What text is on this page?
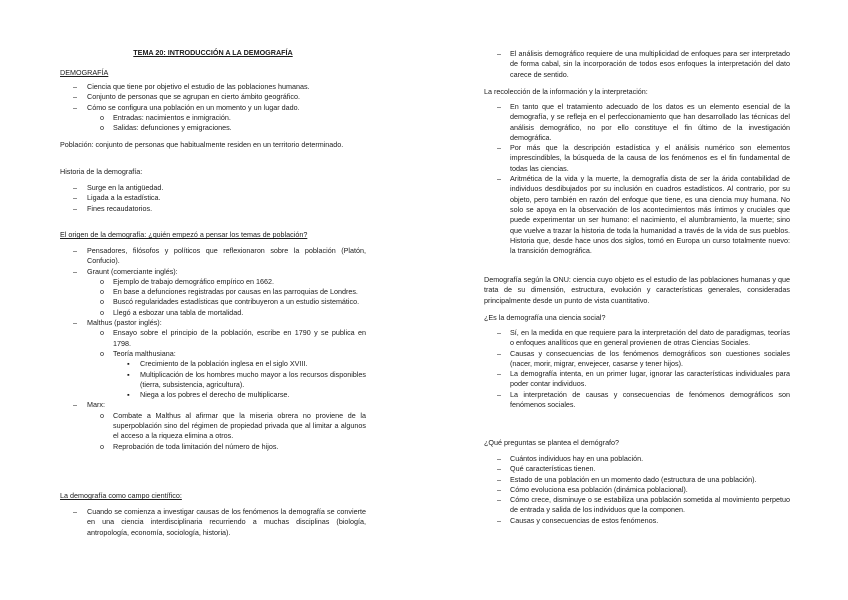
TEMA 20: INTRODUCCIÓN A LA DEMOGRAFÍA
DEMOGRAFÍA
– Ciencia que tiene por objetivo el estudio de las poblaciones humanas.
– Conjunto de personas que se agrupan en cierto ámbito geográfico.
– Cómo se configura una población en un momento y un lugar dado.
o Entradas: nacimientos e inmigración.
o Salidas: defunciones y emigraciones.
Población: conjunto de personas que habitualmente residen en un territorio determinado.
Historia de la demografía:
– Surge en la antigüedad.
– Ligada a la estadística.
– Fines recaudatorios.
El origen de la demografía: ¿quién empezó a pensar los temas de población?
– Pensadores, filósofos y políticos que reflexionaron sobre la población (Platón, Confucio).
– Graunt (comerciante inglés):
o Ejemplo de trabajo demográfico empírico en 1662.
o En base a defunciones registradas por causas en las parroquias de Londres.
o Buscó regularidades estadísticas que contribuyeron a un estudio sistemático.
o Llegó a esbozar una tabla de mortalidad.
– Malthus (pastor inglés):
o Ensayo sobre el principio de la población, escribe en 1790 y se publica en 1798.
o Teoría malthusiana:
▪ Crecimiento de la población inglesa en el siglo XVIII.
▪ Multiplicación de los hombres mucho mayor a los recursos disponibles (tierra, subsistencia, agricultura).
▪ Niega a los pobres el derecho de multiplicarse.
– Marx:
o Combate a Malthus al afirmar que la miseria obrera no proviene de la superpoblación sino del régimen de propiedad privada que al limitar a algunos el acceso a la riqueza elimina a otros.
o Reprobación de toda limitación del número de hijos.
La demografía como campo científico:
– Cuando se comienza a investigar causas de los fenómenos la demografía se convierte en una ciencia interdisciplinaria recurriendo a muchas disciplinas (biología, antropología, economía, sociología, historia).
– El análisis demográfico requiere de una multiplicidad de enfoques para ser interpretado de forma cabal, sin la incorporación de todos esos enfoques la interpretación del dato carece de sentido.
La recolección de la información y la interpretación:
– En tanto que el tratamiento adecuado de los datos es un elemento esencial de la demografía, y se refleja en el perfeccionamiento que han desarrollado las técnicas del análisis demográfico, no por ello constituye el fin último de la investigación demográfica.
– Por más que la descripción estadística y el análisis numérico son elementos imprescindibles, la búsqueda de la causa de los fenómenos es el fin fundamental de todas las ciencias.
– Aritmética de la vida y la muerte, la demografía dista de ser la árida contabilidad de individuos desdibujados por su inclusión en cuadros estadísticos. Al contrario, por su objeto, pero también en razón del enfoque que tiene, es una ciencia muy humana. No solo se apoya en la observación de los acontecimientos más íntimos y cruciales que puede experimentar un ser humano: el nacimiento, el alumbramiento, la muerte; sino que vuelve a trazar la historia de toda la humanidad a través de la vida de sus pueblos. Historia que, desde hace unos dos siglos, tomó en Europa un curso totalmente nuevo: la transición demográfica.
Demografía según la ONU: ciencia cuyo objeto es el estudio de las poblaciones humanas y que trata de su dimensión, estructura, evolución y características generales, consideradas principalmente desde un punto de vista cuantitativo.
¿Es la demografía una ciencia social?
– Sí, en la medida en que requiere para la interpretación del dato de paradigmas, teorías o enfoques analíticos que en general provienen de otras Ciencias Sociales.
– Causas y consecuencias de los fenómenos demográficos son cuestiones sociales (nacer, morir, migrar, envejecer, casarse y tener hijos).
– La demografía intenta, en un primer lugar, ignorar las características individuales para poder contar individuos.
– La interpretación de causas y consecuencias de fenómenos demográficos son fenómenos sociales.
¿Qué preguntas se plantea el demógrafo?
– Cuántos individuos hay en una población.
– Qué características tienen.
– Estado de una población en un momento dado (estructura de una población).
– Cómo evoluciona esa población (dinámica poblacional).
– Cómo crece, disminuye o se estabiliza una población sometida al movimiento perpetuo de entrada y salida de los individuos que la componen.
– Causas y consecuencias de estos fenómenos.
